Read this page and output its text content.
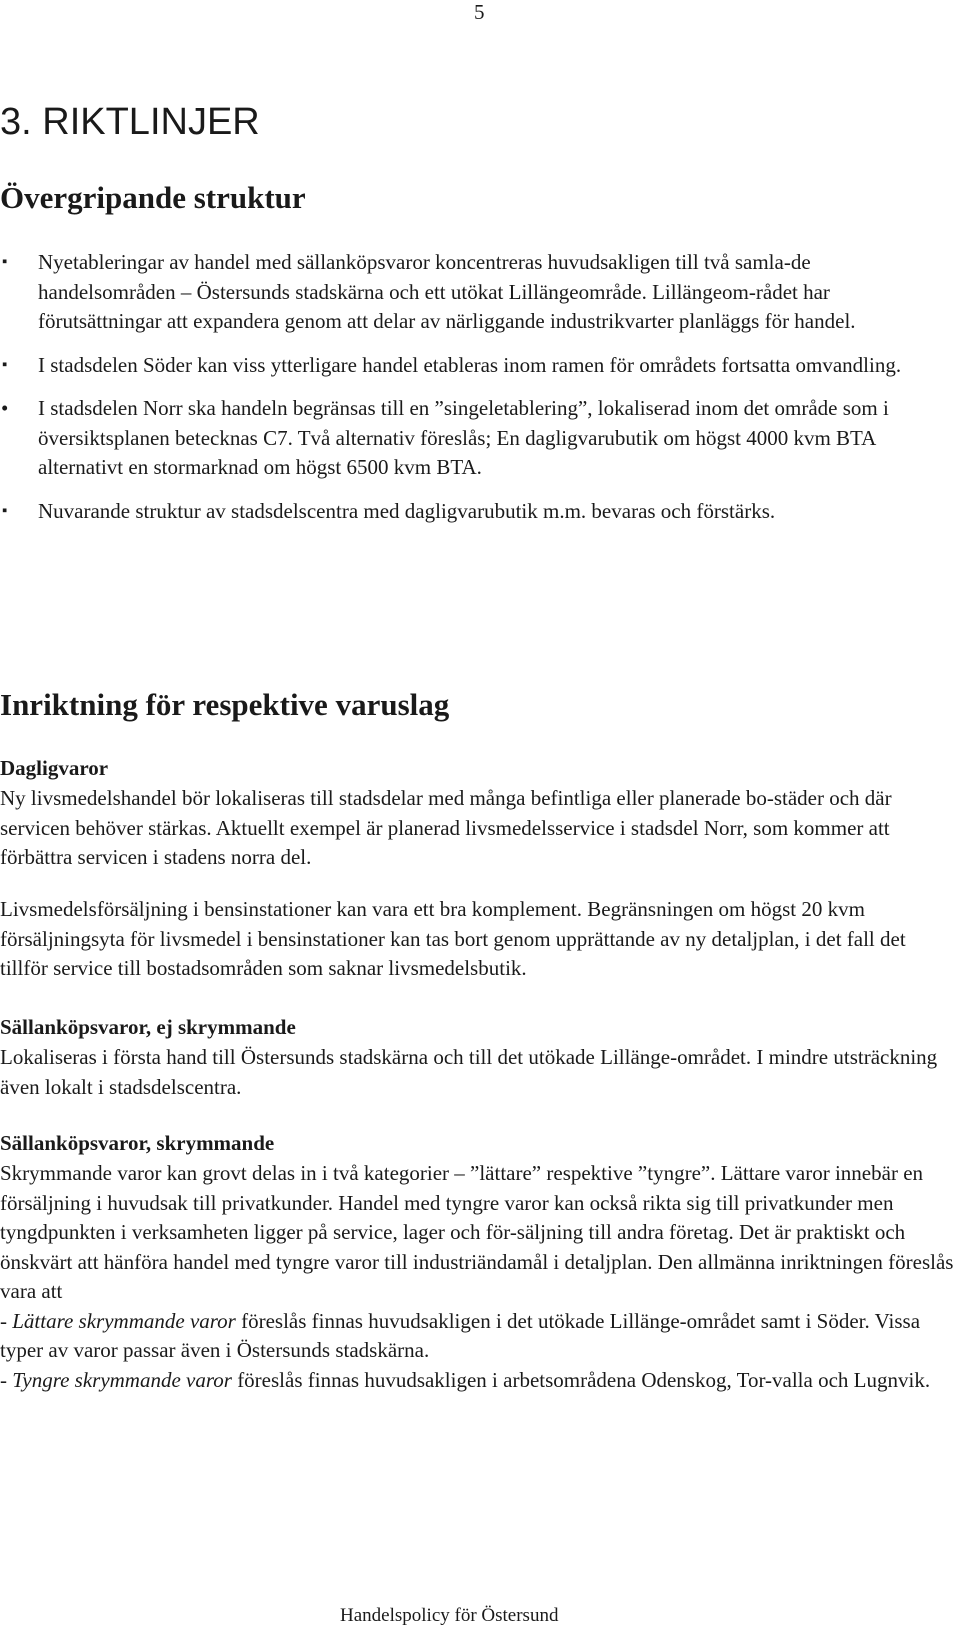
5
3. RIKTLINJER
Övergripande struktur
▪ Nyetableringar av handel med sällanköpsvaror koncentreras huvudsakligen till två samla-de handelsområden – Östersunds stadskärna och ett utökat Lillängeområde. Lillängeom-rådet har förutsättningar att expandera genom att delar av närliggande industrikvarter planläggs för handel.
▪ I stadsdelen Söder kan viss ytterligare handel etableras inom ramen för områdets fortsatta omvandling.
• I stadsdelen Norr ska handeln begränsas till en ”singeletablering”, lokaliserad inom det område som i översiktsplanen betecknas C7. Två alternativ föreslås; En dagligvarubutik om högst 4000 kvm BTA alternativt en stormarknad om högst 6500 kvm BTA.
▪ Nuvarande struktur av stadsdelscentra med dagligvarubutik m.m. bevaras och förstärks.
Inriktning för respektive varuslag
Dagligvaror

Ny livsmedelshandel bör lokaliseras till stadsdelar med många befintliga eller planerade bo-städer och där servicen behöver stärkas. Aktuellt exempel är planerad livsmedelsservice i stadsdel Norr, som kommer att förbättra servicen i stadens norra del.

Livsmedelsförsäljning i bensinstationer kan vara ett bra komplement. Begränsningen om högst 20 kvm försäljningsyta för livsmedel i bensinstationer kan tas bort genom upprättande av ny detaljplan, i det fall det tillför service till bostadsområden som saknar livsmedelsbutik.

Sällanköpsvaror, ej skrymmande

Lokaliseras i första hand till Östersunds stadskärna och till det utökade Lillänge-området. I mindre utsträckning även lokalt i stadsdelscentra.

Sällanköpsvaror, skrymmande
Skrymmande varor kan grovt delas in i två kategorier – ”lättare” respektive ”tyngre”. Lättare varor innebär en försäljning i huvudsak till privatkunder. Handel med tyngre varor kan också rikta sig till privatkunder men tyngdpunkten i verksamheten ligger på service, lager och för-säljning till andra företag. Det är praktiskt och önskvärt att hänföra handel med tyngre varor till industriändamål i detaljplan. Den allmänna inriktningen föreslås vara att
- Lättare skrymmande varor föreslås finnas huvudsakligen i det utökade Lillänge-området samt i Söder. Vissa typer av varor passar även i Östersunds stadskärna.
- Tyngre skrymmande varor föreslås finnas huvudsakligen i arbetsområdena Odenskog, Tor-valla och Lugnvik.
Handelspolicy för Östersund
